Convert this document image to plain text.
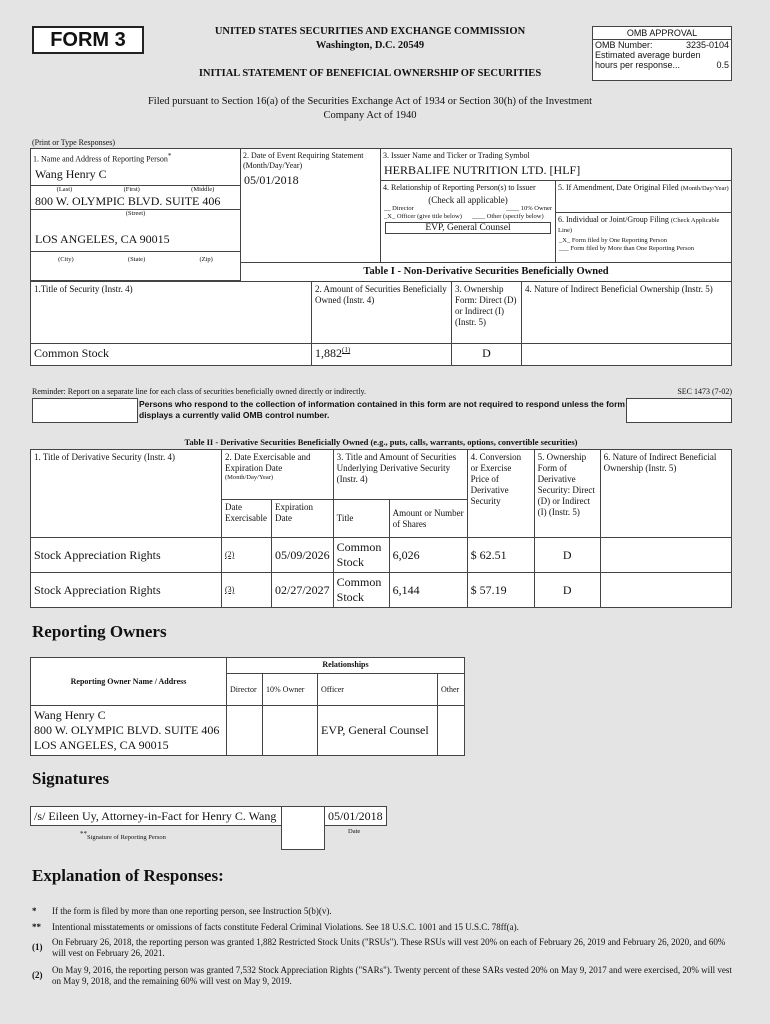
FORM 3	UNITED STATES SECURITIES AND EXCHANGE COMMISSION
Washington, D.C. 20549
INITIAL STATEMENT OF BENEFICIAL OWNERSHIP OF SECURITIES
OMB APPROVAL
OMB Number:	3235-0104
Estimated average burden
hours per response...	0.5
Filed pursuant to Section 16(a) of the Securities Exchange Act of 1934 or Section 30(h) of the Investment Company Act of 1940
(Print or Type Responses)
1. Name and Address of Reporting Person*
Wang Henry C
(Last)	(First)	(Middle)
800 W. OLYMPIC BLVD. SUITE 406
(Street)
LOS ANGELES, CA 90015
(City)	(State)	(Zip)
2. Date of Event Requiring Statement (Month/Day/Year)
05/01/2018
3. Issuer Name and Ticker or Trading Symbol
HERBALIFE NUTRITION LTD. [HLF]
4. Relationship of Reporting Person(s) to Issuer
(Check all applicable)
__ Director	____ 10% Owner
_X_ Officer (give title below)	____ Other (specify below)
EVP, General Counsel
5. If Amendment, Date Original Filed (Month/Day/Year)
6. Individual or Joint/Group Filing (Check Applicable Line)
_X_ Form filed by One Reporting Person
___ Form filed by More than One Reporting Person
Table I - Non-Derivative Securities Beneficially Owned
1.Title of Security (Instr. 4)	2. Amount of Securities Beneficially Owned (Instr. 4)	3. Ownership Form: Direct (D) or Indirect (I) (Instr. 5)	4. Nature of Indirect Beneficial Ownership (Instr. 5)
Common Stock	1,882$^{(1)}$	D	
Reminder: Report on a separate line for each class of securities beneficially owned directly or indirectly.	SEC 1473 (7-02)
Persons who respond to the collection of information contained in this form are not required to respond unless the form displays a currently valid OMB control number.
Table II - Derivative Securities Beneficially Owned (e.g., puts, calls, warrants, options, convertible securities)
1. Title of Derivative Security (Instr. 4)	2. Date Exercisable and Expiration Date
(Month/Day/Year)		3. Title and Amount of Securities Underlying Derivative Security (Instr. 4)		4. Conversion or Exercise Price of Derivative Security	5. Ownership Form of Derivative Security: Direct (D) or Indirect (I) (Instr. 5)	6. Nature of Indirect Beneficial Ownership (Instr. 5)
	Date Exercisable	Expiration Date	Title	Amount or Number of Shares			
Stock Appreciation Rights	(2)	05/09/2026	Common Stock	6,026	$ 62.51	D	
Stock Appreciation Rights	(3)	02/27/2027	Common Stock	6,144	$ 57.19	D	
Reporting Owners
Reporting Owner Name / Address	Relationships			
	Director	10% Owner	Officer	Other

Wang Henry C
800 W. OLYMPIC BLVD. SUITE 406
LOS ANGELES, CA 90015			EVP, General Counsel	
Signatures
/s/ Eileen Uy, Attorney-in-Fact for Henry C. Wang	05/01/2018
**Signature of Reporting Person
Date
Explanation of Responses:
*	If the form is filed by more than one reporting person, see Instruction 5(b)(v).
**	Intentional misstatements or omissions of facts constitute Federal Criminal Violations. See 18 U.S.C. 1001 and 15 U.S.C. 78ff(a).
(1)	On February 26, 2018, the reporting person was granted 1,882 Restricted Stock Units ("RSUs"). These RSUs will vest 20% on each of February 26, 2019 and February 26, 2020, and 60% will vest on February 26, 2021.
(2)	On May 9, 2016, the reporting person was granted 7,532 Stock Appreciation Rights ("SARs"). Twenty percent of these SARs vested 20% on May 9, 2017 and were exercised, 20% will vest on May 9, 2018, and the remaining 60% will vest on May 9, 2019.
